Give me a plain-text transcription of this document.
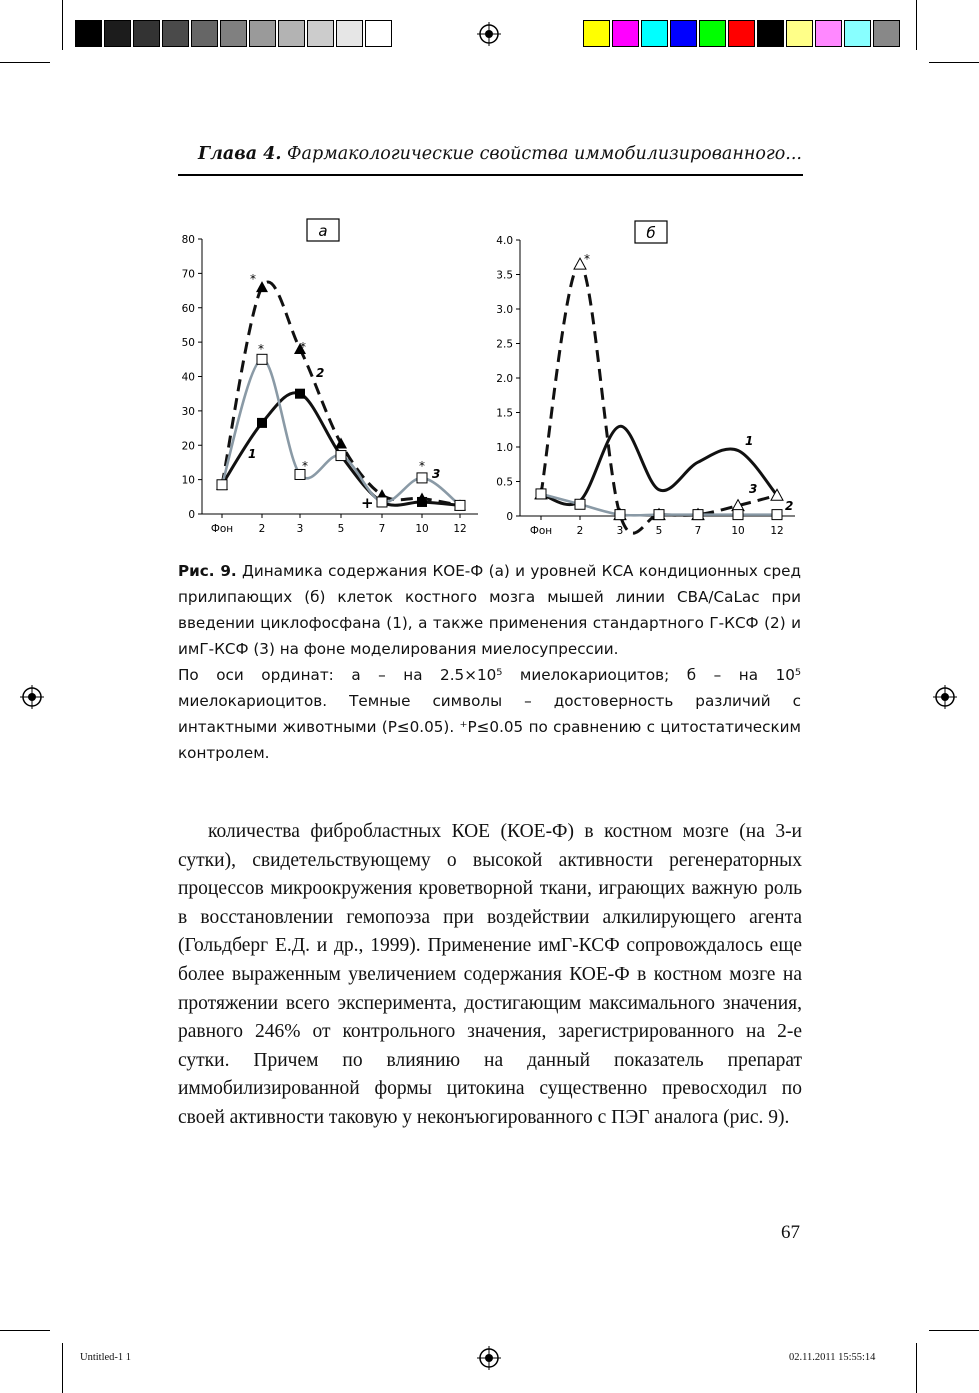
Глава 4. Фармакологические свойства иммобилизированного...
0
10
20
30
40
50
60
70
80
Фон 2	3	5	7	10 12
2
1
3
*
*	*
*	*
+
0
0.5
1.0
1.5
2.0
2.5
3.0
3.5
4.0
Фон 2	3	5	7	10 12
1
2
3
*
а	б

Рис. 9. Динамика содержания КОЕ-Ф (а) и уровней КСА кондиционных сред прилипающих (б) клеток костного мозга мышей линии CBA/CaLac при введении циклофосфана (1), а также применения стандартного Г-КСФ (2) и имГ-КСФ (3) на фоне моделирования миелосупрессии.

По оси ординат: а – на 2.5×10⁵ миелокариоцитов; б – на 10⁵ миелокариоцитов. Темные символы – достоверность различий с интактными животными (P≤0.05). ⁺P≤0.05 по сравнению с цитостатическим контролем.

количества фибробластных КОЕ (КОЕ-Ф) в костном мозге (на 3-и сутки), свидетельствующему о высокой активности регенераторных процессов микроокружения кроветворной ткани, играющих важную роль в восстановлении гемопоэза при воздействии алкилирующего агента (Гольдберг Е.Д. и др., 1999). Применение имГ-КСФ сопровождалось еще более выраженным увеличением содержания КОЕ-Ф в костном мозге на протяжении всего эксперимента, достигающим максимального значения, равного 246% от контрольного значения, зарегистрированного на 2-е сутки. Причем по влиянию на данный показатель препарат иммобилизированной формы цитокина существенно превосходил по своей активности таковую у неконъюгированного с ПЭГ аналога (рис. 9).

67
Untitled-1 1	02.11.2011 15:55:14
